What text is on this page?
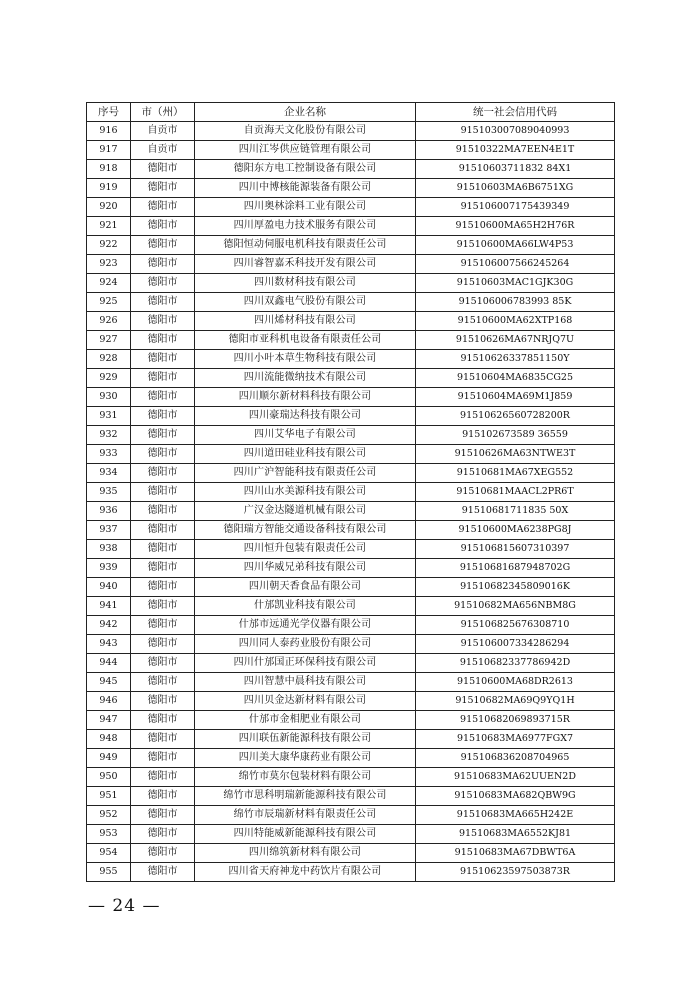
序号	市（州）	企业名称	统一社会信用代码
916	自贡市	自贡海天文化股份有限公司	915103007089040993
917	自贡市	四川江岑供应链管理有限公司	91510322MA7EEN4E1T
918	德阳市	德阳东方电工控制设备有限公司	91510603711832 84X1
919	德阳市	四川中博核能源装备有限公司	91510603MA6B6751XG
920	德阳市	四川奥林涂料工业有限公司	915106007175439349
921	德阳市	四川厚盈电力技术服务有限公司	91510600MA65H2H76R
922	德阳市	德阳恒动伺服电机科技有限责任公司	91510600MA66LW4P53
923	德阳市	四川睿智嘉禾科技开发有限公司	915106007566245264
924	德阳市	四川数材科技有限公司	91510603MAC1GJK30G
925	德阳市	四川双鑫电气股份有限公司	915106006783993 85K
926	德阳市	四川烯材科技有限公司	91510600MA62XTP168
927	德阳市	德阳市亚科机电设备有限责任公司	91510626MA67NRJQ7U
928	德阳市	四川小叶本草生物科技有限公司	91510626337851150Y
929	德阳市	四川流能微纳技术有限公司	91510604MA6835CG25
930	德阳市	四川顺尔新材料科技有限公司	91510604MA69M1J859
931	德阳市	四川豪瑞达科技有限公司	91510626560728200R
932	德阳市	四川艾华电子有限公司	915102673589 36559
933	德阳市	四川道田硅业科技有限公司	91510626MA63NTWE3T
934	德阳市	四川广沪智能科技有限责任公司	91510681MA67XEG552
935	德阳市	四川山水美源科技有限公司	91510681MAACL2PR6T
936	德阳市	广汉金达隧道机械有限公司	91510681711835 50X
937	德阳市	德阳瑞方智能交通设备科技有限公司	91510600MA6238PG8J
938	德阳市	四川恒升包装有限责任公司	915106815607310397
939	德阳市	四川华威兄弟科技有限公司	91510681687948702G
940	德阳市	四川朝天香食品有限公司	91510682345809016K
941	德阳市	什邡凯业科技有限公司	91510682MA656NBM8G
942	德阳市	什邡市远通光学仪器有限公司	915106825676308710
943	德阳市	四川同人泰药业股份有限公司	915106007334286294
944	德阳市	四川什邡国正环保科技有限公司	91510682337786942D
945	德阳市	四川智慧中晨科技有限公司	91510600MA68DR2613
946	德阳市	四川贝金达新材料有限公司	91510682MA69Q9YQ1H
947	德阳市	什邡市金相肥业有限公司	91510682069893715R
948	德阳市	四川联伍新能源科技有限公司	91510683MA6977FGX7
949	德阳市	四川美大康华康药业有限公司	915106836208704965
950	德阳市	绵竹市莫尔包装材料有限公司	91510683MA62UUEN2D
951	德阳市	绵竹市思科明瑞新能源科技有限公司	91510683MA682QBW9G
952	德阳市	绵竹市辰瑞新材料有限责任公司	91510683MA665H242E
953	德阳市	四川特能威新能源科技有限公司	91510683MA6552KJ81
954	德阳市	四川绵筑新材料有限公司	91510683MA67DBWT6A
955	德阳市	四川省天府神龙中药饮片有限公司	91510623597503873R
— 24 —
